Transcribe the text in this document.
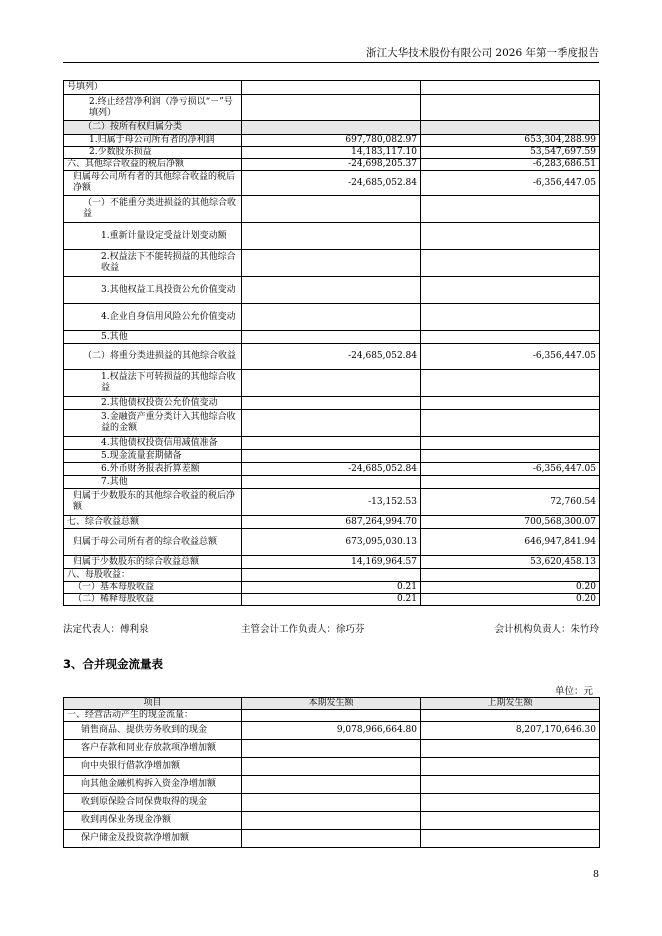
浙江大华技术股份有限公司 2026 年第一季度报告
号填列）		
2.终止经营净利润（净亏损以“－”号填列）		
（二）按所有权归属分类		
1.归属于母公司所有者的净利润	697,780,082.97	653,304,288.99
2.少数股东损益	14,183,117.10	53,547,697.59
六、其他综合收益的税后净额	-24,698,205.37	-6,283,686.51
归属母公司所有者的其他综合收益的税后净额	-24,685,052.84	-6,356,447.05
（一）不能重分类进损益的其他综合收益		
1.重新计量设定受益计划变动额		
2.权益法下不能转损益的其他综合收益		
3.其他权益工具投资公允价值变动		
4.企业自身信用风险公允价值变动		
5.其他		
（二）将重分类进损益的其他综合收益	-24,685,052.84	-6,356,447.05
1.权益法下可转损益的其他综合收益		
2.其他债权投资公允价值变动		
3.金融资产重分类计入其他综合收益的金额		
4.其他债权投资信用减值准备		
5.现金流量套期储备		
6.外币财务报表折算差额	-24,685,052.84	-6,356,447.05
7.其他		
归属于少数股东的其他综合收益的税后净额	-13,152.53	72,760.54
七、综合收益总额	687,264,994.70	700,568,300.07
归属于母公司所有者的综合收益总额	673,095,030.13	646,947,841.94
归属于少数股东的综合收益总额	14,169,964.57	53,620,458.13
八、每股收益：		
（一）基本每股收益	0.21	0.20
（二）稀释每股收益	0.21	0.20
法定代表人：傅利泉	主管会计工作负责人：徐巧芬	会计机构负责人：朱竹玲
3、合并现金流量表
单位：元
项目	本期发生额	上期发生额
一、经营活动产生的现金流量：		
销售商品、提供劳务收到的现金	9,078,966,664.80	8,207,170,646.30
客户存款和同业存放款项净增加额		
向中央银行借款净增加额		
向其他金融机构拆入资金净增加额		
收到原保险合同保费取得的现金		
收到再保业务现金净额		
保户储金及投资款净增加额		
8
